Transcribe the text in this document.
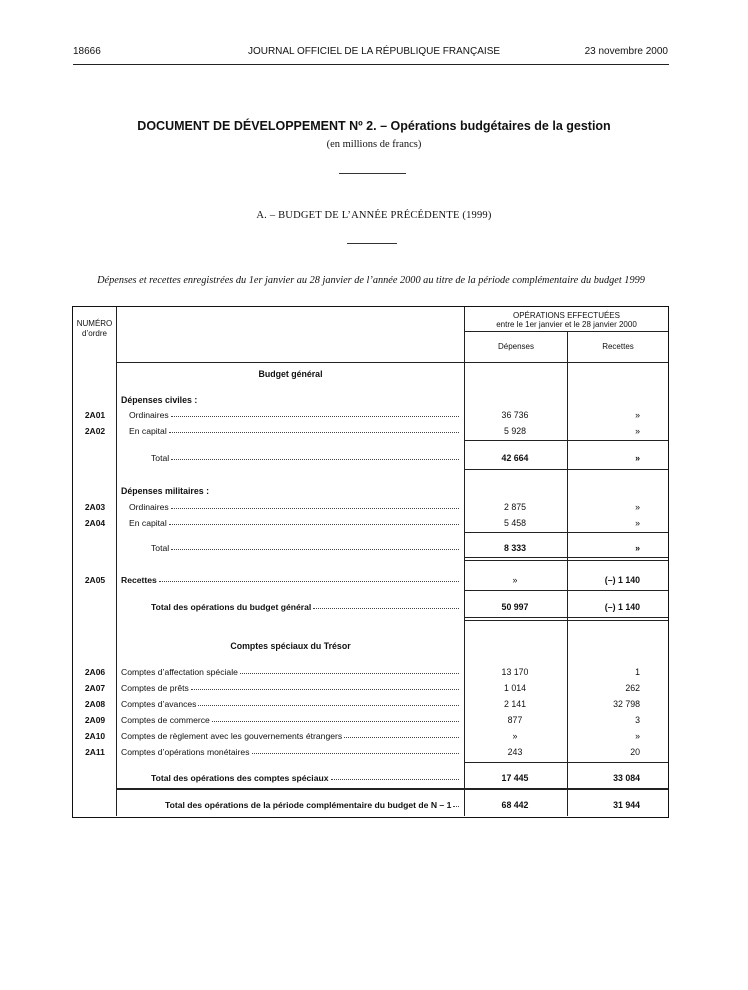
18666	JOURNAL OFFICIEL DE LA RÉPUBLIQUE FRANÇAISE	23 novembre 2000
DOCUMENT DE DÉVELOPPEMENT Nº 2. – Opérations budgétaires de la gestion
(en millions de francs)
A. – BUDGET DE L’ANNÉE PRÉCÉDENTE (1999)
Dépenses et recettes enregistrées du 1er janvier au 28 janvier de l’année 2000 au titre de la période complémentaire du budget 1999
NUMÉRO
d’ordre
OPÉRATIONS EFFECTUÉES
entre le 1er janvier et le 28 janvier 2000
Dépenses	Recettes
Budget général
Dépenses civiles :
2A01	Ordinaires	36 736	»
2A02	En capital	5 928	»
Total	42 664	»
Dépenses militaires :
2A03	Ordinaires	2 875	»
2A04	En capital	5 458	»
Total	8 333	»
2A05	Recettes	»	(–) 1 140
Total des opérations du budget général	50 997	(–) 1 140
Comptes spéciaux du Trésor
2A06	Comptes d’affectation spéciale	13 170	1
2A07	Comptes de prêts	1 014	262
2A08	Comptes d’avances	2 141	32 798
2A09	Comptes de commerce	877	3
2A10	Comptes de règlement avec les gouvernements étrangers	»	»
2A11	Comptes d’opérations monétaires	243	20
Total des opérations des comptes spéciaux	17 445	33 084
Total des opérations de la période complémentaire du budget de N – 1	68 442	31 944
